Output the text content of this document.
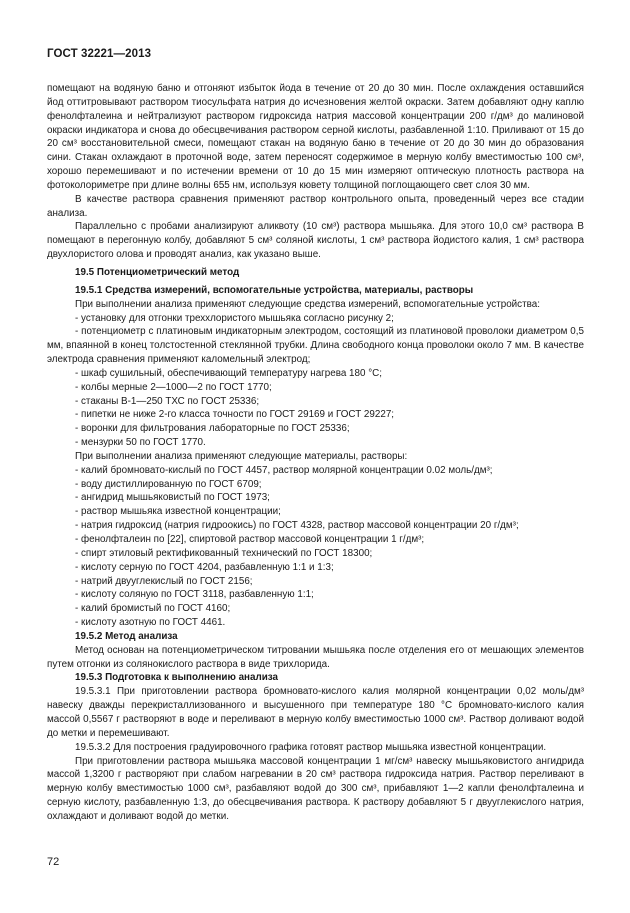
ГОСТ 32221—2013

помещают на водяную баню и отгоняют избыток йода в течение от 20 до 30 мин. После охлаждения оставшийся йод оттитровывают раствором тиосульфата натрия до исчезновения желтой окраски. Затем добавляют одну каплю фенолфталеина и нейтрализуют раствором гидроксида натрия массовой концентрации 200 г/дм³ до малиновой окраски индикатора и снова до обесцвечивания раствором серной кислоты, разбавленной 1:10. Приливают от 15 до 20 см³ восстановительной смеси, помещают стакан на водяную баню в течение от 20 до 30 мин до образования сини. Стакан охлаждают в проточной воде, затем переносят содержимое в мерную колбу вместимостью 100 см³, хорошо перемешивают и по истечении времени от 10 до 15 мин измеряют оптическую плотность раствора на фотоколориметре при длине волны 655 нм, используя кювету толщиной поглощающего свет слоя 30 мм.

В качестве раствора сравнения применяют раствор контрольного опыта, проведенный через все стадии анализа.

Параллельно с пробами анализируют аликвоту (10 см³) раствора мышьяка. Для этого 10,0 см³ раствора В помещают в перегонную колбу, добавляют 5 см³ соляной кислоты, 1 см³ раствора йодистого калия, 1 см³ раствора двухлористого олова и проводят анализ, как указано выше.

19.5 Потенциометрический метод

19.5.1 Средства измерений, вспомогательные устройства, материалы, растворы

При выполнении анализа применяют следующие средства измерений, вспомогательные устройства:

- установку для отгонки треххлористого мышьяка согласно рисунку 2;

- потенциометр с платиновым индикаторным электродом, состоящий из платиновой проволоки диаметром 0,5 мм, впаянной в конец толстостенной стеклянной трубки. Длина свободного конца проволоки около 7 мм. В качестве электрода сравнения применяют каломельный электрод;

- шкаф сушильный, обеспечивающий температуру нагрева 180 °С;

- колбы мерные 2—1000—2 по ГОСТ 1770;

- стаканы В-1—250 ТХС по ГОСТ 25336;

- пипетки не ниже 2-го класса точности по ГОСТ 29169 и ГОСТ 29227;

- воронки для фильтрования лабораторные по ГОСТ 25336;

- мензурки 50 по ГОСТ 1770.

При выполнении анализа применяют следующие материалы, растворы:

- калий бромновато-кислый по ГОСТ 4457, раствор молярной концентрации 0.02 моль/дм³;

- воду дистиллированную по ГОСТ 6709;

- ангидрид мышьяковистый по ГОСТ 1973;

- раствор мышьяка известной концентрации;

- натрия гидроксид (натрия гидроокись) по ГОСТ 4328, раствор массовой концентрации 20 г/дм³;

- фенолфталеин по [22], спиртовой раствор массовой концентрации 1 г/дм³;

- спирт этиловый ректификованный технический по ГОСТ 18300;

- кислоту серную по ГОСТ 4204, разбавленную 1:1 и 1:3;

- натрий двууглекислый по ГОСТ 2156;

- кислоту соляную по ГОСТ 3118, разбавленную 1:1;

- калий бромистый по ГОСТ 4160;

- кислоту азотную по ГОСТ 4461.

19.5.2 Метод анализа

Метод основан на потенциометрическом титровании мышьяка после отделения его от мешающих элементов путем отгонки из солянокислого раствора в виде трихлорида.

19.5.3 Подготовка к выполнению анализа

19.5.3.1 При приготовлении раствора бромновато-кислого калия молярной концентрации 0,02 моль/дм³ навеску дважды перекристаллизованного и высушенного при температуре 180 °С бромновато-кислого калия массой 0,5567 г растворяют в воде и переливают в мерную колбу вместимостью 1000 см³. Раствор доливают водой до метки и перемешивают.

19.5.3.2 Для построения градуировочного графика готовят раствор мышьяка известной концентрации.

При приготовлении раствора мышьяка массовой концентрации 1 мг/см³ навеску мышьяковистого ангидрида массой 1,3200 г растворяют при слабом нагревании в 20 см³ раствора гидроксида натрия. Раствор переливают в мерную колбу вместимостью 1000 см³, разбавляют водой до 300 см³, прибавляют 1—2 капли фенолфталеина и серную кислоту, разбавленную 1:3, до обесцвечивания раствора. К раствору добавляют 5 г двууглекислого натрия, охлаждают и доливают водой до метки.

72
